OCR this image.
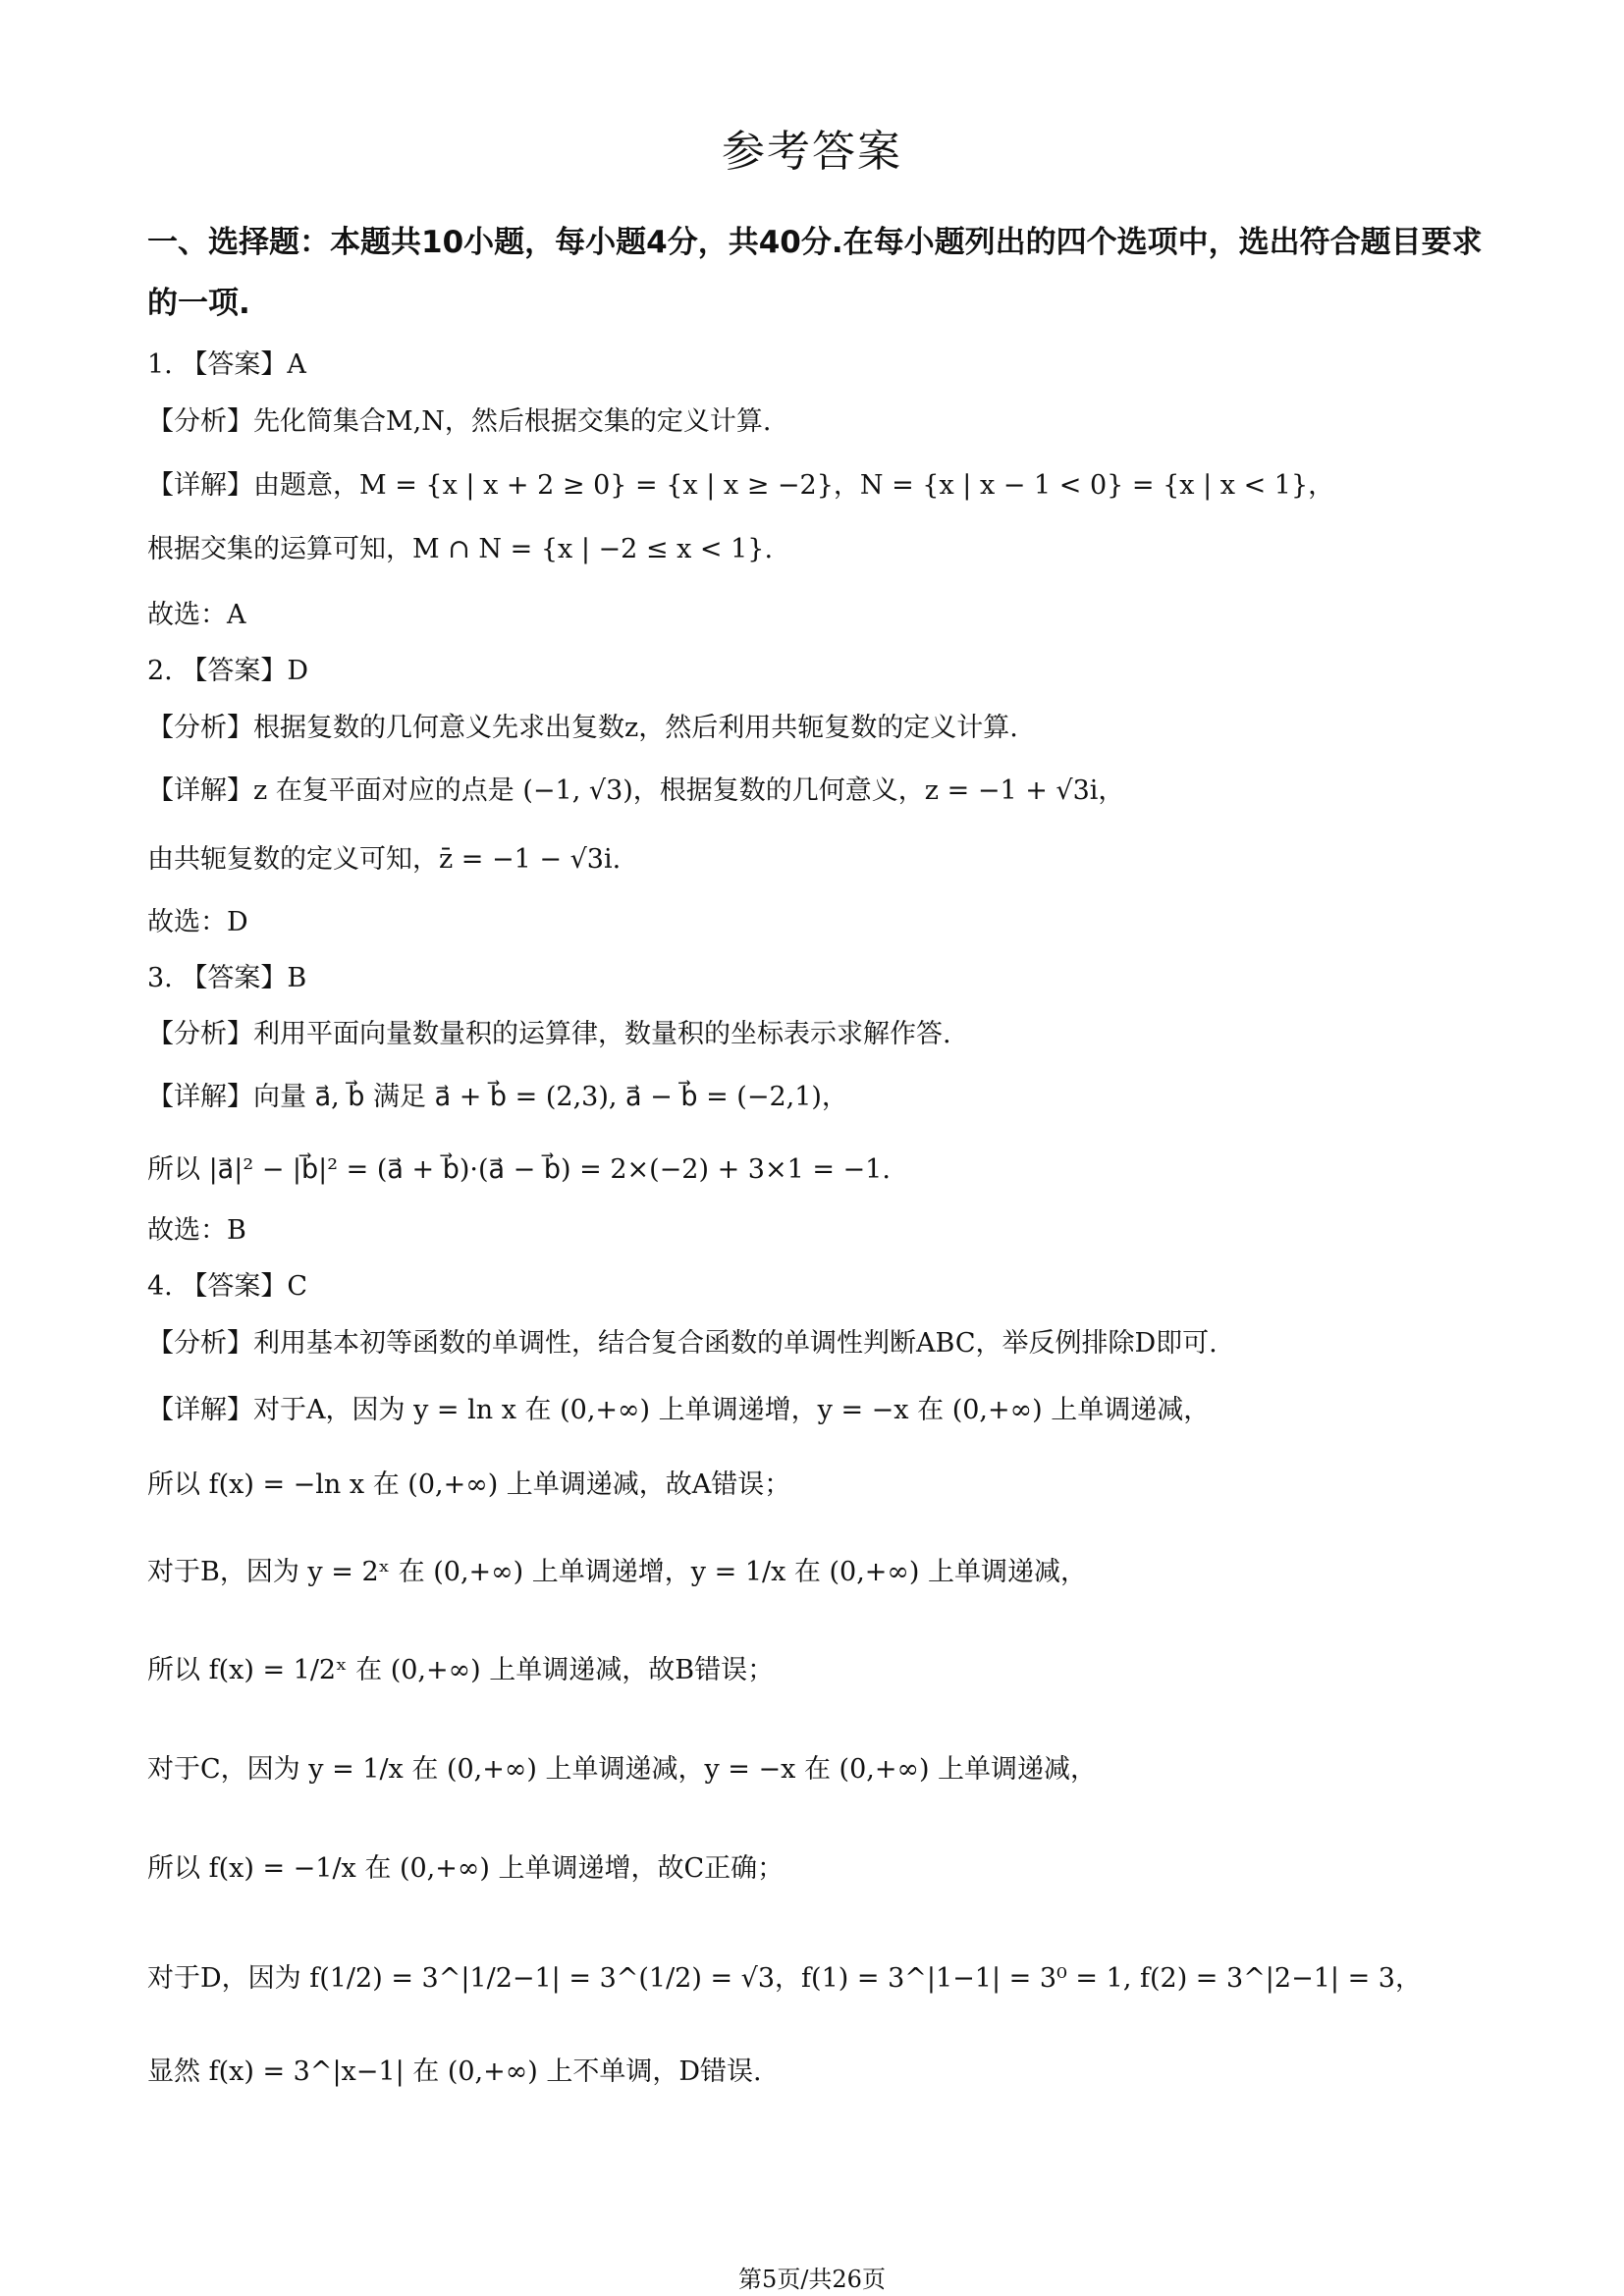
参考答案
一、选择题：本题共10小题，每小题4分，共40分.在每小题列出的四个选项中，选出符合题目要求的一项.
1. 【答案】A
【分析】先化简集合M,N，然后根据交集的定义计算.
【详解】由题意，M = {x | x + 2 ≥ 0} = {x | x ≥ −2}，N = {x | x − 1 < 0} = {x | x < 1}，
根据交集的运算可知，M ∩ N = {x | −2 ≤ x < 1}.
故选：A
2. 【答案】D
【分析】根据复数的几何意义先求出复数z，然后利用共轭复数的定义计算.
【详解】z 在复平面对应的点是 (−1, √3)，根据复数的几何意义，z = −1 + √3i，
由共轭复数的定义可知，z̄ = −1 − √3i.
故选：D
3. 【答案】B
【分析】利用平面向量数量积的运算律，数量积的坐标表示求解作答.
【详解】向量 a⃗, b⃗ 满足 a⃗ + b⃗ = (2,3), a⃗ − b⃗ = (−2,1)，
所以 |a⃗|² − |b⃗|² = (a⃗ + b⃗)·(a⃗ − b⃗) = 2×(−2) + 3×1 = −1.
故选：B
4. 【答案】C
【分析】利用基本初等函数的单调性，结合复合函数的单调性判断ABC，举反例排除D即可.
【详解】对于A，因为 y = ln x 在 (0,+∞) 上单调递增，y = −x 在 (0,+∞) 上单调递减，
所以 f(x) = −ln x 在 (0,+∞) 上单调递减，故A错误；
对于B，因为 y = 2ˣ 在 (0,+∞) 上单调递增，y = 1/x 在 (0,+∞) 上单调递减，
所以 f(x) = 1/2ˣ 在 (0,+∞) 上单调递减，故B错误；
对于C，因为 y = 1/x 在 (0,+∞) 上单调递减，y = −x 在 (0,+∞) 上单调递减，
所以 f(x) = −1/x 在 (0,+∞) 上单调递增，故C正确；
对于D，因为 f(1/2) = 3^|1/2−1| = 3^(1/2) = √3，f(1) = 3^|1−1| = 3⁰ = 1, f(2) = 3^|2−1| = 3，
显然 f(x) = 3^|x−1| 在 (0,+∞) 上不单调，D错误.
第5页/共26页
